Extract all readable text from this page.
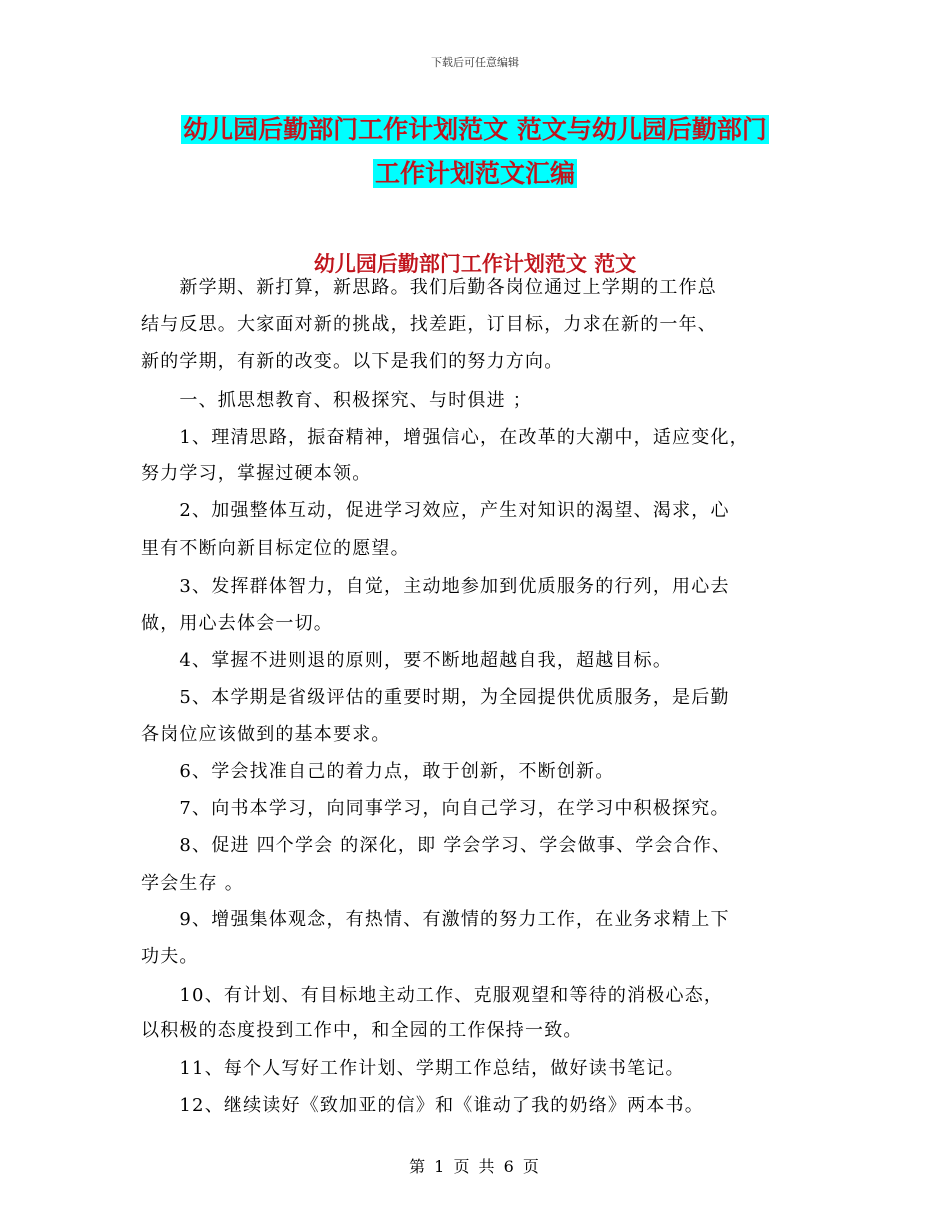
下载后可任意编辑
幼儿园后勤部门工作计划范文 范文与幼儿园后勤部门
工作计划范文汇编
幼儿园后勤部门工作计划范文 范文
　　新学期、新打算，新思路。我们后勤各岗位通过上学期的工作总
结与反思。大家面对新的挑战，找差距，订目标，力求在新的一年、
新的学期，有新的改变。以下是我们的努力方向。
　　一、抓思想教育、积极探究、与时俱进 ；
　　1、理清思路，振奋精神，增强信心，在改革的大潮中，适应变化，
努力学习，掌握过硬本领。
　　2、加强整体互动，促进学习效应，产生对知识的渴望、渴求，心
里有不断向新目标定位的愿望。
　　3、发挥群体智力，自觉，主动地参加到优质服务的行列，用心去
做，用心去体会一切。
　　4、掌握不进则退的原则，要不断地超越自我，超越目标。
　　5、本学期是省级评估的重要时期，为全园提供优质服务，是后勤
各岗位应该做到的基本要求。
　　6、学会找准自己的着力点，敢于创新，不断创新。
　　7、向书本学习，向同事学习，向自己学习，在学习中积极探究。
　　8、促进 四个学会 的深化，即 学会学习、学会做事、学会合作、
学会生存 。
　　9、增强集体观念，有热情、有激情的努力工作，在业务求精上下
功夫。
　　10、有计划、有目标地主动工作、克服观望和等待的消极心态，
以积极的态度投到工作中，和全园的工作保持一致。
　　11、每个人写好工作计划、学期工作总结，做好读书笔记。
　　12、继续读好《致加亚的信》和《谁动了我的奶络》两本书。
第 1 页 共 6 页
